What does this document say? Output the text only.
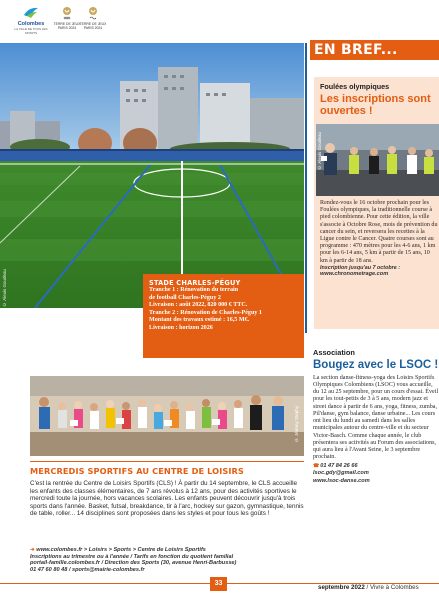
Colombes
LA VILLE DE TOUS LES SPORTS
TERRE DE JEUX
PARIS 2024
TERRE DE JEUX
PARIS 2024
© Alexis Goudeau	STADE CHARLES-PÉGUY
Tranche 1 : Rénovation du terrain
de football Charles-Péguy 2
Livraison : août 2022, 820 000 € TTC.
Tranche 2 : Rénovation de Charles-Péguy 1
Montant des travaux estimé : 16,5 M€.
Livraison : horizon 2026
EN BREF...
Foulées olympiques
Les inscriptions sont ouvertes !
© Alexis Goudeau
Rendez-vous le 16 octobre prochain pour les Foulées olympiques, la traditionnelle course à pied colombienne. Pour cette édition, la ville s'associe à Octobre Rose, mois de prévention du cancer du sein, et reversera les recettes à la Ligue contre le Cancer. Quatre courses sont au programme : 470 mètres pour les 4-6 ans, 1 km pour les 6-14 ans, 5 km à partir de 15 ans, 10 km à partir de 18 ans.
Inscription jusqu'au 7 octobre :
www.chronometrage.com
Association
Bougez avec le LSOC !
La section danse-fitness-yoga des Loisirs Sportifs Olympiques Colombiens (LSOC) vous accueille, du 12 au 25 septembre, pour un cours d'essai. Éveil pour les tout-petits de 3 à 5 ans, modern jazz et street dance à partir de 6 ans, yoga, fitness, zumba, Pil'danse, gym balance, danse urbaine... Les cours ont lieu du lundi au samedi dans les salles municipales autour du centre-ville et du secteur Victor-Basch. Comme chaque année, le club présentera ses activités au Forum des associations, qui aura lieu à l'Avant Seine, le 3 septembre prochain.
☎01 47 84 26 66
lsoc.gdy@gmail.com
www.lsoc-danse.com
© Jérémy Stéphy
MERCREDIS SPORTIFS AU CENTRE DE LOISIRS
C'est la rentrée du Centre de Loisirs Sportifs (CLS) ! À partir du 14 septembre, le CLS accueille les enfants des classes élémentaires, de 7 ans révolus à 12 ans, pour des activités sportives le mercredi toute la journée, hors vacances scolaires. Les enfants peuvent découvrir jusqu'à trois sports dans l'année. Basket, futsal, breakdance, tir à l'arc, hockey sur gazon, gymnastique, tennis de table, roller... 14 disciplines sont proposées dans les styles et pour tous les goûts !
➜ www.colombes.fr > Loisirs > Sports > Centre de Loisirs Sportifs
Inscriptions au trimestre ou à l'année / Tarifs en fonction du quotient familial
portail-famille.colombes.fr / Direction des Sports (30, avenue Henri-Barbusse)
01 47 60 80 48 / sports@mairie-colombes.fr
33
septembre 2022 / Vivre à Colombes
